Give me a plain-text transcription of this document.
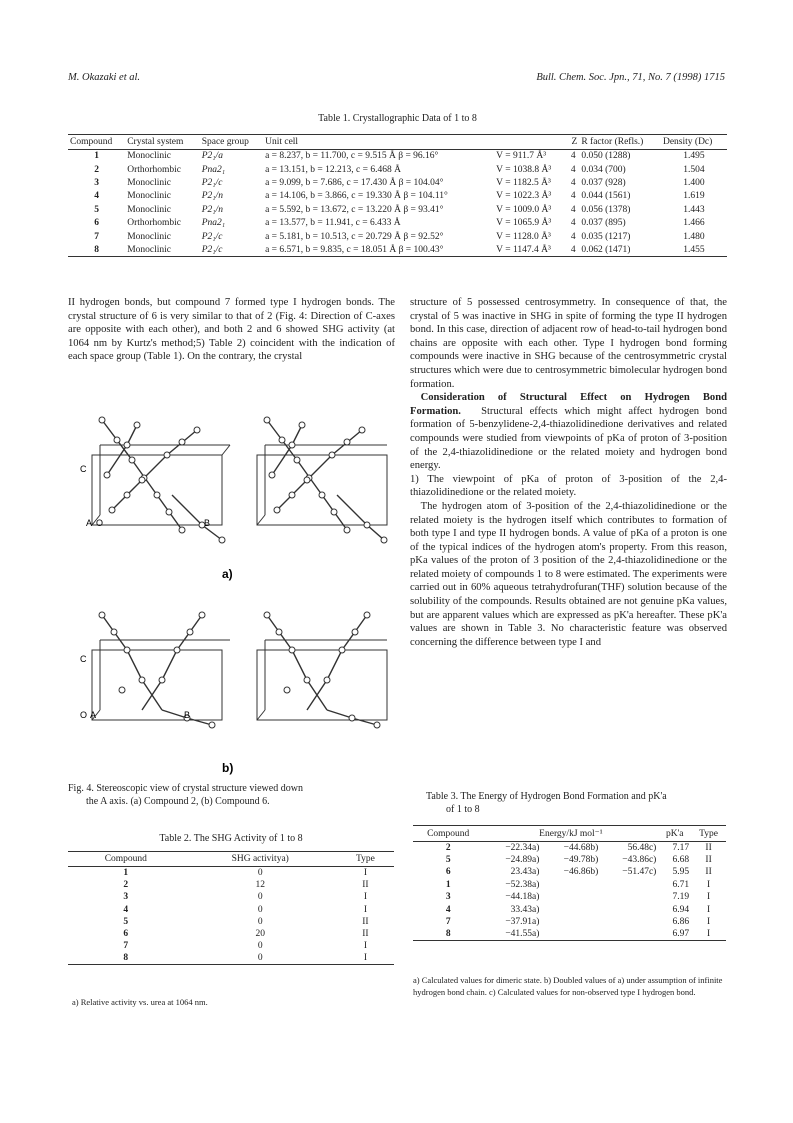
M. Okazaki et al.	Bull. Chem. Soc. Jpn., 71, No. 7 (1998) 1715
Table 1. Crystallographic Data of 1 to 8
Compound	Crystal system	Space group	Unit cell		Z	R factor (Refls.)	Density (Dc)
1	Monoclinic	P2₁/a	a = 8.237, b = 11.700, c = 9.515 Å β = 96.16°	V = 911.7 Å³	4	0.050 (1288)	1.495
2	Orthorhombic	Pna2₁	a = 13.151, b = 12.213, c = 6.468 Å	V = 1038.8 Å³	4	0.034 (700)	1.504
3	Monoclinic	P2₁/c	a = 9.099, b = 7.686, c = 17.430 Å β = 104.04°	V = 1182.5 Å³	4	0.037 (928)	1.400
4	Monoclinic	P2₁/n	a = 14.106, b = 3.866, c = 19.330 Å β = 104.11°	V = 1022.3 Å³	4	0.044 (1561)	1.619
5	Monoclinic	P2₁/n	a = 5.592, b = 13.672, c = 13.220 Å β = 93.41°	V = 1009.0 Å³	4	0.056 (1378)	1.443
6	Orthorhombic	Pna2₁	a = 13.577, b = 11.941, c = 6.433 Å	V = 1065.9 Å³	4	0.037 (895)	1.466
7	Monoclinic	P2₁/c	a = 5.181, b = 10.513, c = 20.729 Å β = 92.52°	V = 1128.0 Å³	4	0.035 (1217)	1.480
8	Monoclinic	P2₁/c	a = 6.571, b = 9.835, c = 18.051 Å β = 100.43°	V = 1147.4 Å³	4	0.062 (1471)	1.455

II hydrogen bonds, but compound 7 formed type I hydrogen bonds. The crystal structure of 6 is very similar to that of 2 (Fig. 4: Direction of C-axes are opposite with each other), and both 2 and 6 showed SHG activity (at 1064 nm by Kurtz's method;5) Table 2) coincident with the indication of each space group (Table 1). On the contrary, the crystal

C
A O	B
a)
C
O A	B
b)
Fig. 4. Stereoscopic view of crystal structure viewed down
the A axis. (a) Compound 2, (b) Compound 6.
Table 2. The SHG Activity of 1 to 8
Compound	SHG activitya)	Type
1	0	I
2	12	II
3	0	I
4	0	I
5	0	II
6	20	II
7	0	I
8	0	I
a) Relative activity vs. urea at 1064 nm.

structure of 5 possessed centrosymmetry. In consequence of that, the crystal of 5 was inactive in SHG in spite of forming the type II hydrogen bond. In this case, direction of adjacent row of head-to-tail hydrogen bond chains are opposite with each other. Type I hydrogen bond forming compounds were inactive in SHG because of the centrosymmetric crystal structures which were due to centrosymmetric bimolecular hydrogen bond formation.

Consideration of Structural Effect on Hydrogen Bond Formation. Structural effects which might affect hydrogen bond formation of 5-benzylidene-2,4-thiazolidinedione derivatives and related compounds were studied from viewpoints of pKa of proton of 3-position of the 2,4-thiazolidinedione or the related moiety and hydrogen bond energy.

1) The viewpoint of pKa of proton of 3-position of the 2,4-thiazolidinedione or the related moiety.

The hydrogen atom of 3-position of the 2,4-thiazolidinedione or the related moiety is the hydrogen itself which contributes to formation of both type I and type II hydrogen bonds. A value of pKa of a proton is one of the typical indices of the hydrogen atom's property. From this reason, pKa values of the proton of 3 position of the 2,4-thiazolidinedione or the related moiety of compounds 1 to 8 were estimated. The experiments were carried out in 60% aqueous tetrahydrofuran(THF) solution because of the solubility of the compounds. Results obtained are not genuine pKa values, but are apparent values which are expressed as pK'a hereafter. These pK'a values are shown in Table 3. No characteristic feature was observed concerning the difference between type I and

Table 3. The Energy of Hydrogen Bond Formation and pK'a
of 1 to 8
Compound	Energy/kJ mol⁻¹			pK'a	Type
2	−22.34a)	−44.68b)	56.48c)	7.17	II
5	−24.89a)	−49.78b)	−43.86c)	6.68	II
6	23.43a)	−46.86b)	−51.47c)	5.95	II
1	−52.38a)			6.71	I
3	−44.18a)			7.19	I
4	33.43a)			6.94	I
7	−37.91a)			6.86	I
8	−41.55a)			6.97	I
a) Calculated values for dimeric state. b) Doubled values of a) under assumption of infinite hydrogen bond chain. c) Calculated values for non-observed type I hydrogen bond.
